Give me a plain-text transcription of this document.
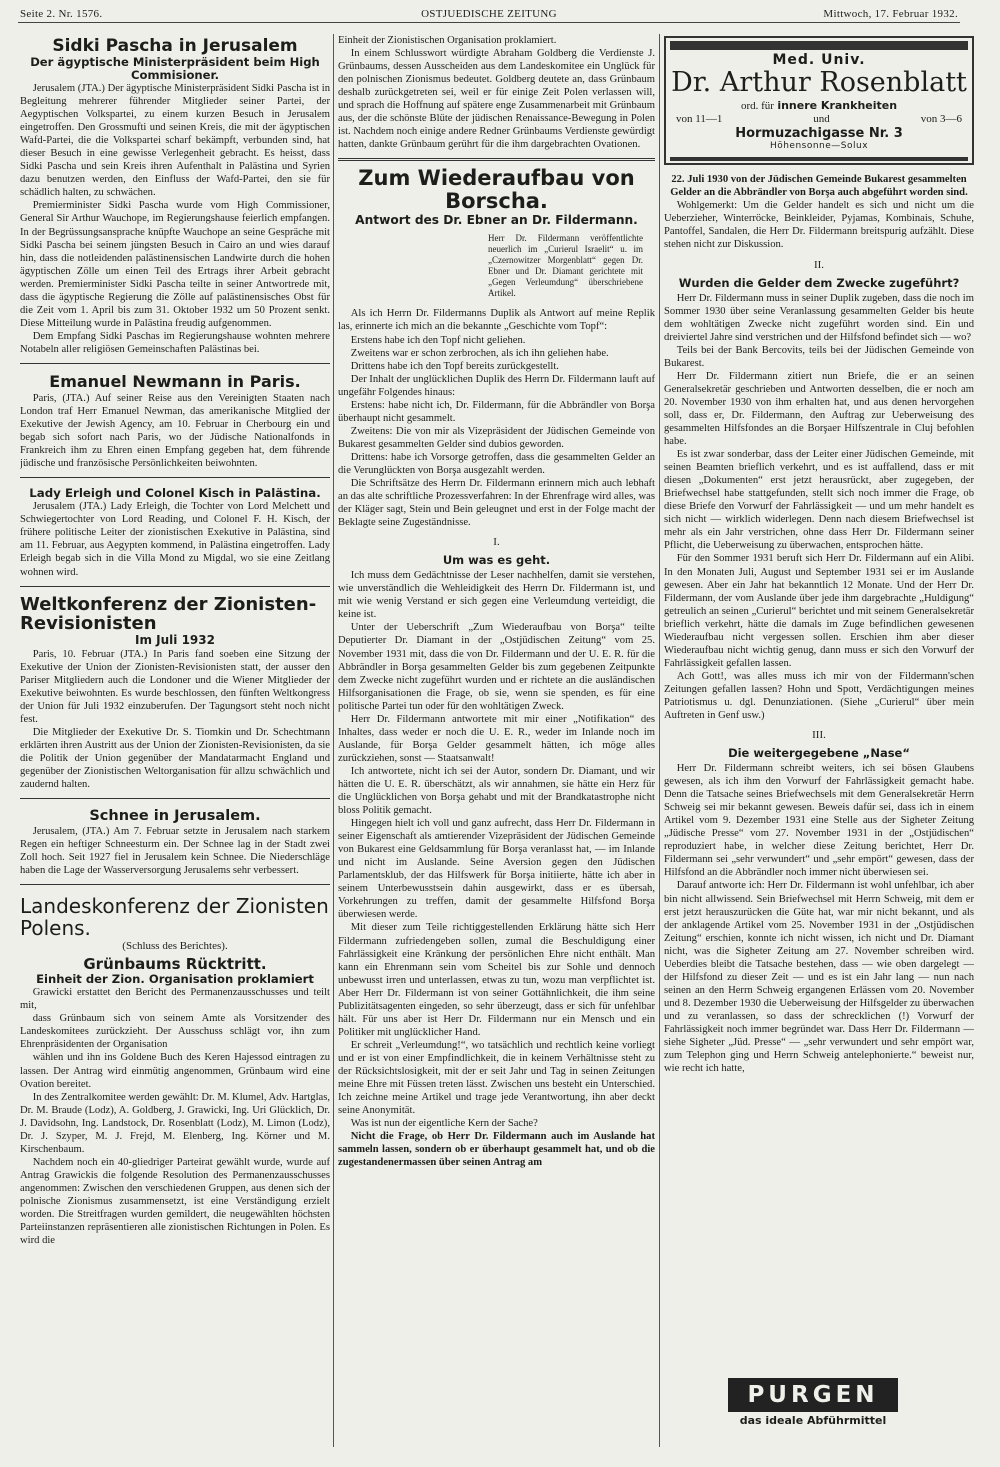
Seite 2. Nr. 1576.	OSTJUEDISCHE ZEITUNG	Mittwoch, 17. Februar 1932.
Sidki Pascha in Jerusalem
Der ägyptische Ministerpräsident beim High Commisioner.

Jerusalem (JTA.) Der ägyptische Ministerpräsident Sidki Pascha ist in Begleitung mehrerer führender Mitglieder seiner Partei, der Aegyptischen Volkspartei, zu einem kurzen Besuch in Jerusalem eingetroffen. Den Grossmufti und seinen Kreis, die mit der ägyptischen Wafd-Partei, die die Volkspartei scharf bekämpft, verbunden sind, hat dieser Besuch in eine gewisse Verlegenheit gebracht. Es heisst, dass Sidki Pascha und sein Kreis ihren Aufenthalt in Palästina und Syrien dazu benutzen werden, den Einfluss der Wafd-Partei, den sie für schädlich halten, zu schwächen.

Premierminister Sidki Pascha wurde vom High Commissioner, General Sir Arthur Wauchope, im Regierungshause feierlich empfangen. In der Begrüssungsansprache knüpfte Wauchope an seine Gespräche mit Sidki Pascha bei seinem jüngsten Besuch in Cairo an und wies darauf hin, dass die notleidenden palästinensischen Landwirte durch die hohen ägyptischen Zölle um einen Teil des Ertrags ihrer Arbeit gebracht werden. Premierminister Sidki Pascha teilte in seiner Antwortrede mit, dass die ägyptische Regierung die Zölle auf palästinensisches Obst für die Zeit vom 1. April bis zum 31. Oktober 1932 um 50 Prozent senkt. Diese Mitteilung wurde in Palästina freudig aufgenommen.

Dem Empfang Sidki Paschas im Regierungshause wohnten mehrere Notabeln aller religiösen Gemeinschaften Palästinas bei.

Emanuel Newmann in Paris.

Paris, (JTA.) Auf seiner Reise aus den Vereinigten Staaten nach London traf Herr Emanuel Newman, das amerikanische Mitglied der Exekutive der Jewish Agency, am 10. Februar in Cherbourg ein und begab sich sofort nach Paris, wo der Jüdische Nationalfonds in Frankreich ihm zu Ehren einen Empfang gegeben hat, dem führende jüdische und französische Persönlichkeiten beiwohnten.

Lady Erleigh und Colonel Kisch in Palästina.

Jerusalem (JTA.) Lady Erleigh, die Tochter von Lord Melchett und Schwiegertochter von Lord Reading, und Colonel F. H. Kisch, der frühere politische Leiter der zionistischen Exekutive in Palästina, sind am 11. Februar, aus Aegypten kommend, in Palästina eingetroffen. Lady Erleigh begab sich in die Villa Mond zu Migdal, wo sie eine Zeitlang wohnen wird.

Weltkonferenz der Zionisten-Revisionisten
Im Juli 1932

Paris, 10. Februar (JTA.) In Paris fand soeben eine Sitzung der Exekutive der Union der Zionisten-Revisionisten statt, der ausser den Pariser Mitgliedern auch die Londoner und die Wiener Mitglieder der Exekutive beiwohnten. Es wurde beschlossen, den fünften Weltkongress der Union für Juli 1932 einzuberufen. Der Tagungsort steht noch nicht fest.

Die Mitglieder der Exekutive Dr. S. Tiomkin und Dr. Schechtmann erklärten ihren Austritt aus der Union der Zionisten-Revisionisten, da sie die Politik der Union gegenüber der Mandatarmacht England und gegenüber der Zionistischen Weltorganisation für allzu schwächlich und zaudernd halten.

Schnee in Jerusalem.

Jerusalem, (JTA.) Am 7. Februar setzte in Jerusalem nach starkem Regen ein heftiger Schneesturm ein. Der Schnee lag in der Stadt zwei Zoll hoch. Seit 1927 fiel in Jerusalem kein Schnee. Die Niederschläge haben die Lage der Wasserversorgung Jerusalems sehr verbessert.

Landeskonferenz der Zionisten Polens.
(Schluss des Berichtes).
Grünbaums Rücktritt.
Einheit der Zion. Organisation proklamiert

Grawicki erstattet den Bericht des Permanenzausschusses und teilt mit,

dass Grünbaum sich von seinem Amte als Vorsitzender des Landeskomitees zurückzieht. Der Ausschuss schlägt vor, ihn zum Ehrenpräsidenten der Organisation

wählen und ihn ins Goldene Buch des Keren Hajessod eintragen zu lassen. Der Antrag wird einmütig angenommen, Grünbaum wird eine Ovation bereitet.

In des Zentralkomitee werden gewählt: Dr. M. Klumel, Adv. Hartglas, Dr. M. Braude (Lodz), A. Goldberg, J. Grawicki, Ing. Uri Glücklich, Dr. J. Davidsohn, Ing. Landstock, Dr. Rosenblatt (Lodz), M. Limon (Lodz), Dr. J. Szyper, M. J. Frejd, M. Elenberg, Ing. Körner und M. Kirschenbaum.

Nachdem noch ein 40-gliedriger Parteirat gewählt wurde, wurde auf Antrag Grawickis die folgende Resolution des Permanenzausschusses angenommen: Zwischen den verschiedenen Gruppen, aus denen sich der polnische Zionismus zusammensetzt, ist eine Verständigung erzielt worden. Die Streitfragen wurden gemildert, die neugewählten höchsten Parteiinstanzen repräsentieren alle zionistischen Richtungen in Polen. Es wird die

Einheit der Zionistischen Organisation proklamiert.

In einem Schlusswort würdigte Abraham Goldberg die Verdienste J. Grünbaums, dessen Ausscheiden aus dem Landeskomitee ein Unglück für den polnischen Zionismus bedeutet. Goldberg deutete an, dass Grünbaum deshalb zurückgetreten sei, weil er für einige Zeit Polen verlassen will, und sprach die Hoffnung auf spätere enge Zusammenarbeit mit Grünbaum aus, der die schönste Blüte der jüdischen Renaissance-Bewegung in Polen ist. Nachdem noch einige andere Redner Grünbaums Verdienste gewürdigt hatten, dankte Grünbaum gerührt für die ihm dargebrachten Ovationen.

Zum Wiederaufbau von Borscha.
Antwort des Dr. Ebner an Dr. Fildermann.

Herr Dr. Fildermann veröffentlichte neuerlich im „Curierul Israelit“ u. im „Czernowitzer Morgenblatt“ gegen Dr. Ebner und Dr. Diamant gerichtete mit „Gegen Verleumdung“ überschriebene Artikel.

Als ich Herrn Dr. Fildermanns Duplik als Antwort auf meine Replik las, erinnerte ich mich an die bekannte „Geschichte vom Topf“:

Erstens habe ich den Topf nicht geliehen.

Zweitens war er schon zerbrochen, als ich ihn geliehen habe.

Drittens habe ich den Topf bereits zurückgestellt.

Der Inhalt der unglücklichen Duplik des Herrn Dr. Fildermann lauft auf ungefähr Folgendes hinaus:

Erstens: habe nicht ich, Dr. Fildermann, für die Abbrändler von Borşa überhaupt nicht gesammelt.

Zweitens: Die von mir als Vizepräsident der Jüdischen Gemeinde von Bukarest gesammelten Gelder sind dubios geworden.

Drittens: habe ich Vorsorge getroffen, dass die gesammelten Gelder an die Verunglückten von Borşa ausgezahlt werden.

Die Schriftsätze des Herrn Dr. Fildermann erinnern mich auch lebhaft an das alte schriftliche Prozessverfahren: In der Ehrenfrage wird alles, was der Kläger sagt, Stein und Bein geleugnet und erst in der Folge macht der Beklagte seine Zugeständnisse.

I.
Um was es geht.

Ich muss dem Gedächtnisse der Leser nachhelfen, damit sie verstehen, wie unverständlich die Wehleidigkeit des Herrn Dr. Fildermann ist, und mit wie wenig Verstand er sich gegen eine Verleumdung verteidigt, die keine ist.

Unter der Ueberschrift „Zum Wiederaufbau von Borşa“ teilte Deputierter Dr. Diamant in der „Ostjüdischen Zeitung“ vom 25. November 1931 mit, dass die von Dr. Fildermann und der U. E. R. für die Abbrändler in Borşa gesammelten Gelder bis zum gegebenen Zeitpunkte dem Zwecke nicht zugeführt wurden und er richtete an die ausländischen Hilfsorganisationen die Frage, ob sie, wenn sie spenden, es für eine politische Partei tun oder für den wohltätigen Zweck.

Herr Dr. Fildermann antwortete mit mir einer „Notifikation“ des Inhaltes, dass weder er noch die U. E. R., weder im Inlande noch im Auslande, für Borşa Gelder gesammelt hätten, ich möge alles zurückziehen, sonst — Staatsanwalt!

Ich antwortete, nicht ich sei der Autor, sondern Dr. Diamant, und wir hätten die U. E. R. überschätzt, als wir annahmen, sie hätte ein Herz für die Unglücklichen von Borşa gehabt und mit der Brandkatastrophe nicht bloss Politik gemacht.

Hingegen hielt ich voll und ganz aufrecht, dass Herr Dr. Fildermann in seiner Eigenschaft als amtierender Vizepräsident der Jüdischen Gemeinde von Bukarest eine Geldsammlung für Borşa veranlasst hat, — im Inlande und nicht im Auslande. Seine Aversion gegen den Jüdischen Parlamentsklub, der das Hilfswerk für Borşa initiierte, hätte ich aber in seinem Unterbewusstsein dahin ausgewirkt, dass er es übersah, Vorkehrungen zu treffen, damit der gesammelte Hilfsfond Borşa überwiesen werde.

Mit dieser zum Teile richtiggestellenden Erklärung hätte sich Herr Fildermann zufriedengeben sollen, zumal die Beschuldigung einer Fahrlässigkeit eine Kränkung der persönlichen Ehre nicht enthält. Man kann ein Ehrenmann sein vom Scheitel bis zur Sohle und dennoch unbewusst irren und unterlassen, etwas zu tun, wozu man verpflichtet ist. Aber Herr Dr. Fildermann ist von seiner Gottähnlichkeit, die ihm seine Publizitätsagenten eingeden, so sehr überzeugt, dass er sich für unfehlbar hält. Für uns aber ist Herr Dr. Fildermann nur ein Mensch und ein Politiker mit unglücklicher Hand.

Er schreit „Verleumdung!“, wo tatsächlich und rechtlich keine vorliegt und er ist von einer Empfindlichkeit, die in keinem Verhältnisse steht zu der Rücksichtslosigkeit, mit der er seit Jahr und Tag in seinen Zeitungen meine Ehre mit Füssen treten lässt. Zwischen uns besteht ein Unterschied. Ich zeichne meine Artikel und trage jede Verantwortung, ihn aber deckt seine Anonymität.

Was ist nun der eigentliche Kern der Sache?

Nicht die Frage, ob Herr Dr. Fildermann auch im Auslande hat sammeln lassen, sondern ob er überhaupt gesammelt hat, und ob die zugestandenermassen über seinen Antrag am

Med. Univ.
Dr. Arthur Rosenblatt
ord. für innere Krankheiten
von 11—1	und	von 3—6
Hormuzachigasse Nr. 3
Höhensonne—Solux

22. Juli 1930 von der Jüdischen Gemeinde Bukarest gesammelten Gelder an die Abbrändler von Borşa auch abgeführt worden sind.

Wohlgemerkt: Um die Gelder handelt es sich und nicht um die Ueberzieher, Winterröcke, Beinkleider, Pyjamas, Kombinais, Schuhe, Pantoffel, Sandalen, die Herr Dr. Fildermann breitspurig aufzählt. Diese stehen nicht zur Diskussion.

II.
Wurden die Gelder dem Zwecke zugeführt?

Herr Dr. Fildermann muss in seiner Duplik zugeben, dass die noch im Sommer 1930 über seine Veranlassung gesammelten Gelder bis heute dem wohltätigen Zwecke nicht zugeführt worden sind. Ein und dreiviertel Jahre sind verstrichen und der Hilfsfond befindet sich — wo?

Teils bei der Bank Bercovits, teils bei der Jüdischen Gemeinde von Bukarest.

Herr Dr. Fildermann zitiert nun Briefe, die er an seinen Generalsekretär geschrieben und Antworten desselben, die er noch am 20. November 1930 von ihm erhalten hat, und aus denen hervorgehen soll, dass er, Dr. Fildermann, den Auftrag zur Ueberweisung des gesammelten Hilfsfondes an die Borşaer Hilfszentrale in Cluj befohlen habe.

Es ist zwar sonderbar, dass der Leiter einer Jüdischen Gemeinde, mit seinen Beamten brieflich verkehrt, und es ist auffallend, dass er mit diesen „Dokumenten“ erst jetzt herausrückt, aber zugegeben, der Briefwechsel habe stattgefunden, stellt sich noch immer die Frage, ob diese Briefe den Vorwurf der Fahrlässigkeit — und um mehr handelt es sich nicht — wirklich widerlegen. Denn nach diesem Briefwechsel ist mehr als ein Jahr verstrichen, ohne dass Herr Dr. Fildermann seiner Pflicht, die Ueberweisung zu überwachen, entsprochen hätte.

Für den Sommer 1931 beruft sich Herr Dr. Fildermann auf ein Alibi. In den Monaten Juli, August und September 1931 sei er im Auslande gewesen. Aber ein Jahr hat bekanntlich 12 Monate. Und der Herr Dr. Fildermann, der vom Auslande über jede ihm dargebrachte „Huldigung“ getreulich an seinen „Curierul“ berichtet und mit seinem Generalsekretär brieflich verkehrt, hätte die damals im Zuge befindlichen gewesenen Wiederaufbau nicht vergessen sollen. Erschien ihm aber dieser Wiederaufbau nicht wichtig genug, dann muss er sich den Vorwurf der Fahrlässigkeit gefallen lassen.

Ach Gott!, was alles muss ich mir von der Fildermann'schen Zeitungen gefallen lassen? Hohn und Spott, Verdächtigungen meines Patriotismus u. dgl. Denunziationen. (Siehe „Curierul“ über mein Auftreten in Genf usw.)

III.
Die weitergegebene „Nase“

Herr Dr. Fildermann schreibt weiters, ich sei bösen Glaubens gewesen, als ich ihm den Vorwurf der Fahrlässigkeit gemacht habe. Denn die Tatsache seines Briefwechsels mit dem Generalsekretär Herrn Schweig sei mir bekannt gewesen. Beweis dafür sei, dass ich in einem Artikel vom 9. Dezember 1931 eine Stelle aus der Sigheter Zeitung „Jüdische Presse“ vom 27. November 1931 in der „Ostjüdischen“ reproduziert habe, in welcher diese Zeitung berichtet, Herr Dr. Fildermann sei „sehr verwundert“ und „sehr empört“ gewesen, dass der Hilfsfond an die Abbrändler noch immer nicht überwiesen sei.

Darauf antworte ich: Herr Dr. Fildermann ist wohl unfehlbar, ich aber bin nicht allwissend. Sein Briefwechsel mit Herrn Schweig, mit dem er erst jetzt herauszurücken die Güte hat, war mir nicht bekannt, und als der anklagende Artikel vom 25. November 1931 in der „Ostjüdischen Zeitung“ erschien, konnte ich nicht wissen, ich nicht und Dr. Diamant nicht, was die Sigheter Zeitung am 27. November schreiben wird. Ueberdies bleibt die Tatsache bestehen, dass — wie oben dargelegt — der Hilfsfond zu dieser Zeit — und es ist ein Jahr lang — nun nach seinen an den Herrn Schweig ergangenen Erlässen vom 20. November und 8. Dezember 1930 die Ueberweisung der Hilfsgelder zu überwachen und zu veranlassen, so dass der schrecklichen (!) Vorwurf der Fahrlässigkeit noch immer begründet war. Dass Herr Dr. Fildermann — siehe Sigheter „Jüd. Presse“ — „sehr verwundert und sehr empört war, zum Telephon ging und Herrn Schweig antelephonierte.“ beweist nur, wie recht ich hatte,

PURGEN
das ideale Abführmittel
